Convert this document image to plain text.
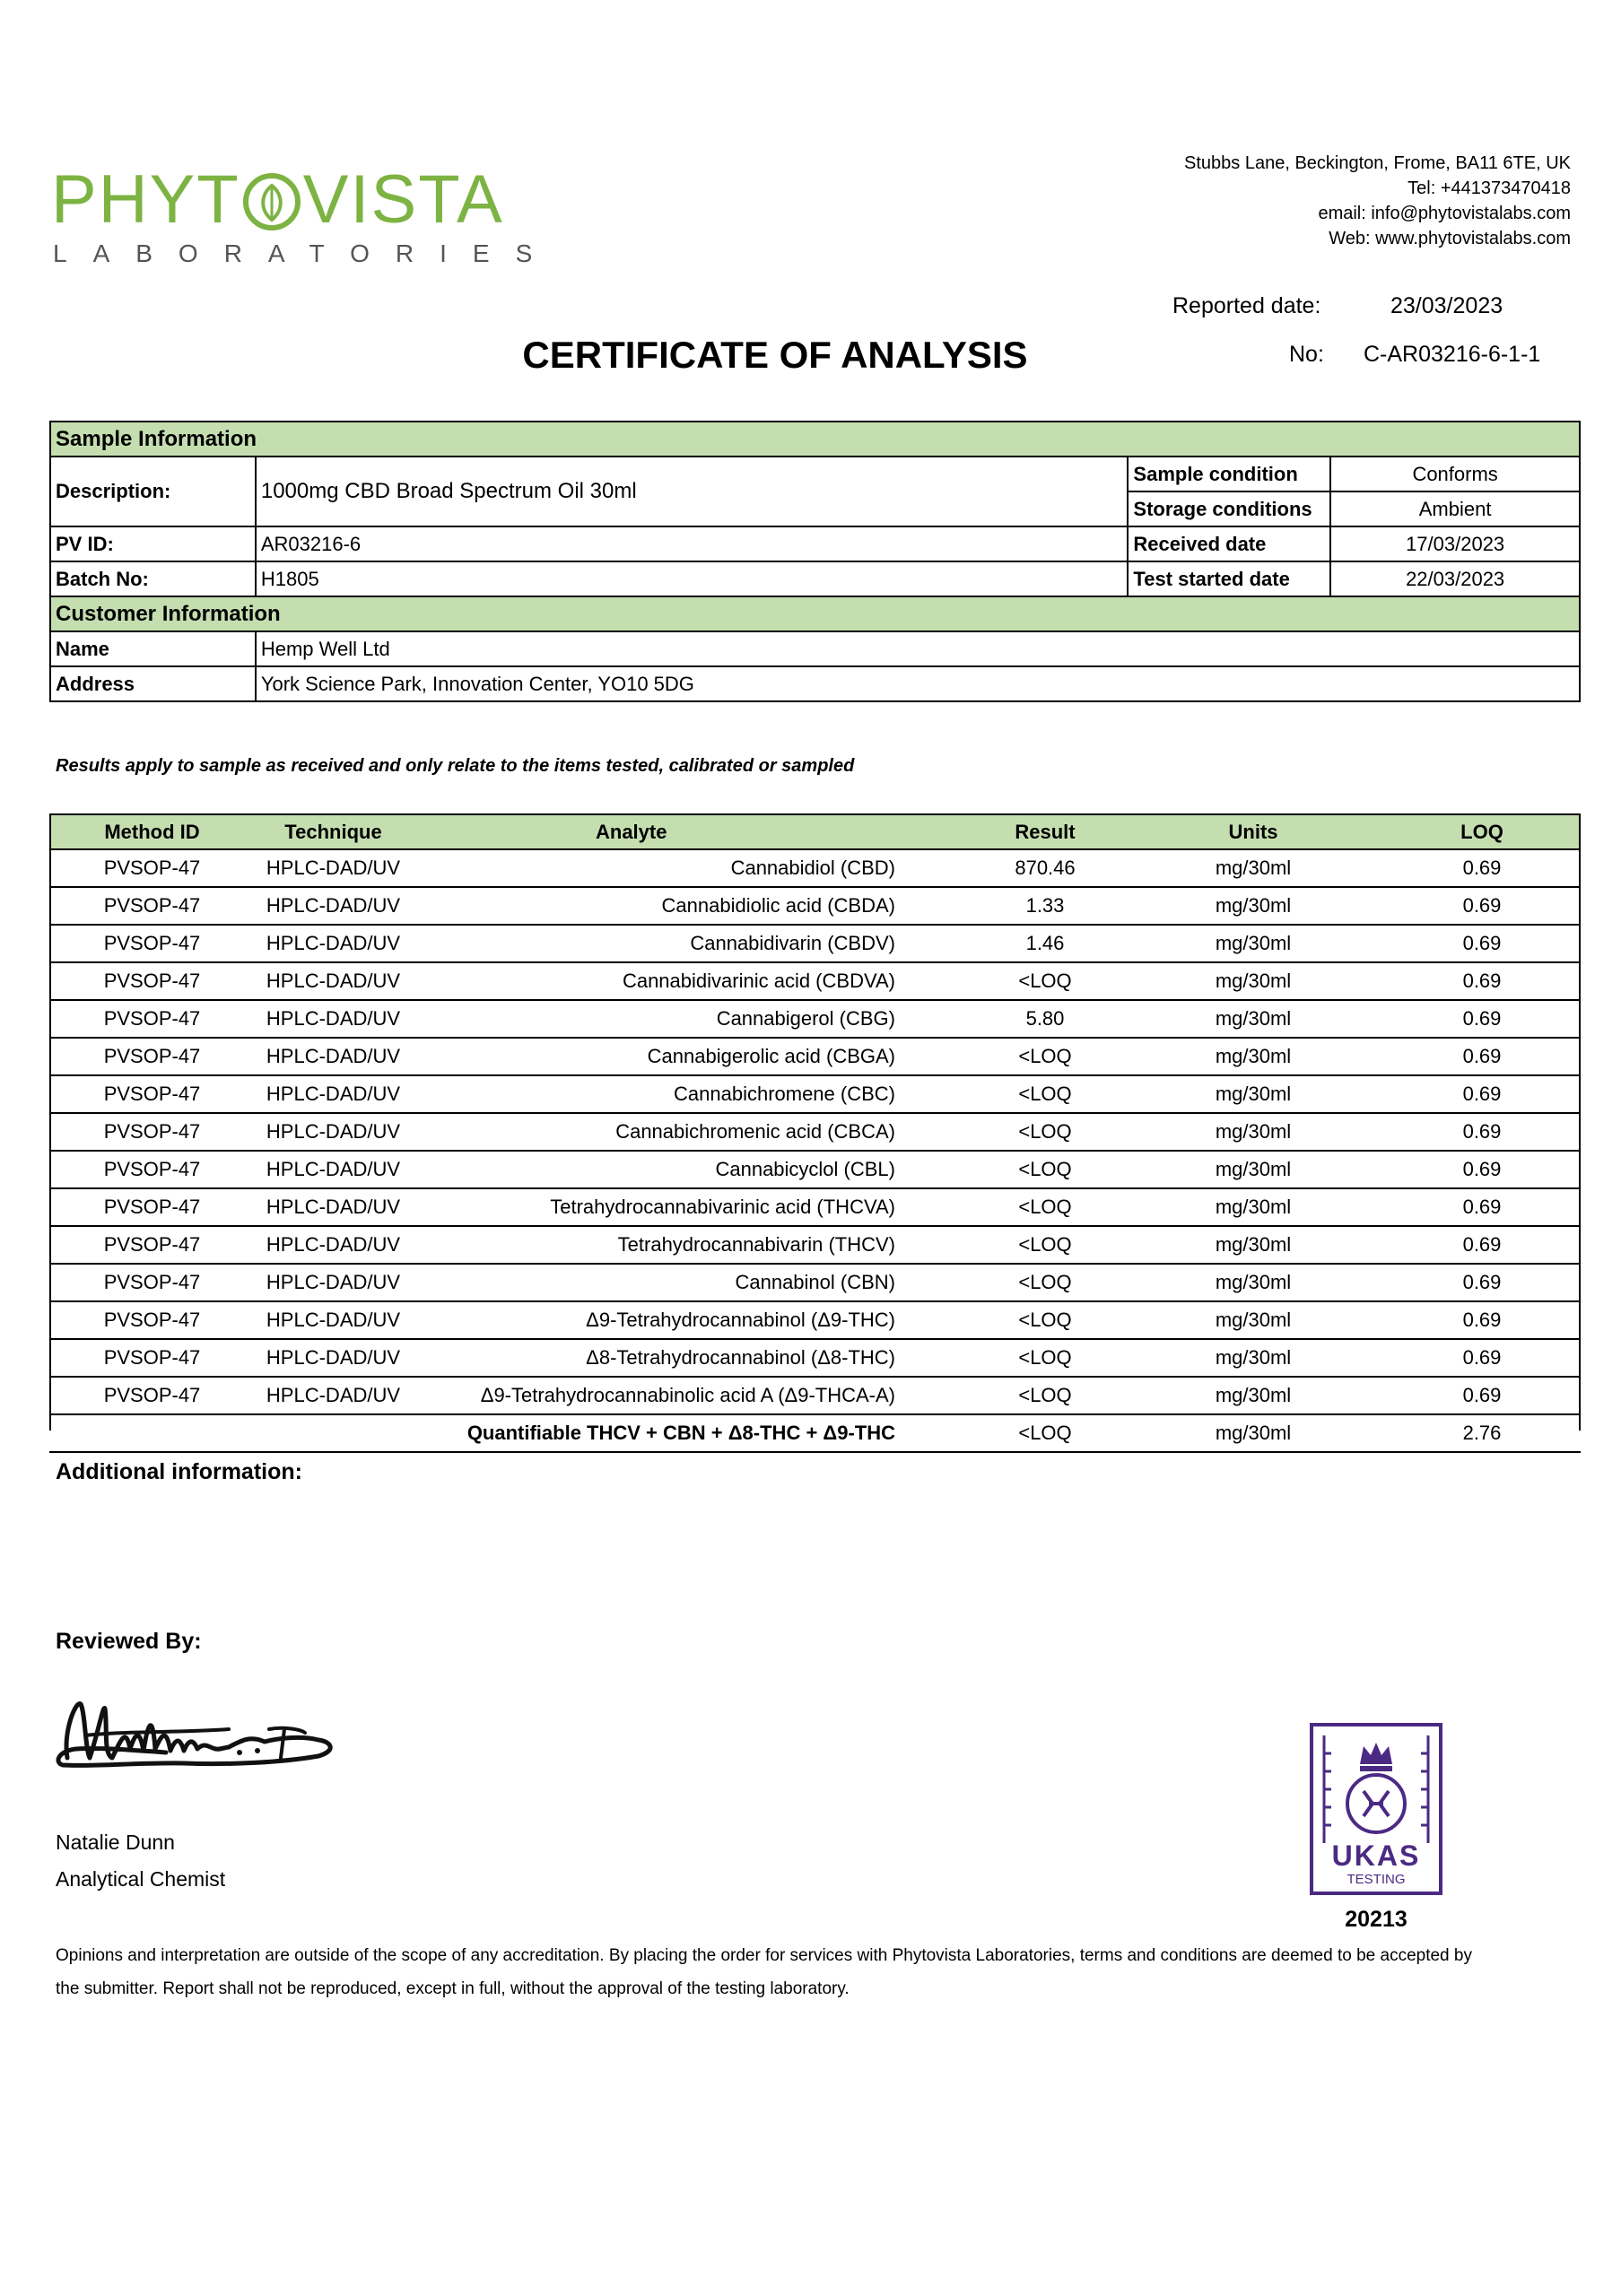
PHYT VISTA
LABORATORIES
Stubbs Lane, Beckington, Frome, BA11 6TE, UK
Tel: +441373470418
email: info@phytovistalabs.com
Web: www.phytovistalabs.com
Reported date:	23/03/2023
CERTIFICATE OF ANALYSIS	No: C-AR03216-6-1-1
Sample Information			
Description:	1000mg CBD Broad Spectrum Oil 30ml	Sample condition	Conforms
		Storage conditions	Ambient
PV ID:	AR03216-6	Received date	17/03/2023
Batch No:	H1805	Test started date	22/03/2023
Customer Information			
Name	Hemp Well Ltd		
Address	York Science Park, Innovation Center, YO10 5DG		
Results apply to sample as received and only relate to the items tested, calibrated or sampled
Method ID	Technique	Analyte	Result	Units	LOQ
PVSOP-47	HPLC-DAD/UV	Cannabidiol (CBD)	870.46	mg/30ml	0.69
PVSOP-47	HPLC-DAD/UV	Cannabidiolic acid (CBDA)	1.33	mg/30ml	0.69
PVSOP-47	HPLC-DAD/UV	Cannabidivarin (CBDV)	1.46	mg/30ml	0.69
PVSOP-47	HPLC-DAD/UV	Cannabidivarinic acid (CBDVA)	<LOQ	mg/30ml	0.69
PVSOP-47	HPLC-DAD/UV	Cannabigerol (CBG)	5.80	mg/30ml	0.69
PVSOP-47	HPLC-DAD/UV	Cannabigerolic acid (CBGA)	<LOQ	mg/30ml	0.69
PVSOP-47	HPLC-DAD/UV	Cannabichromene (CBC)	<LOQ	mg/30ml	0.69
PVSOP-47	HPLC-DAD/UV	Cannabichromenic acid (CBCA)	<LOQ	mg/30ml	0.69
PVSOP-47	HPLC-DAD/UV	Cannabicyclol (CBL)	<LOQ	mg/30ml	0.69
PVSOP-47	HPLC-DAD/UV	Tetrahydrocannabivarinic acid (THCVA)	<LOQ	mg/30ml	0.69
PVSOP-47	HPLC-DAD/UV	Tetrahydrocannabivarin (THCV)	<LOQ	mg/30ml	0.69
PVSOP-47	HPLC-DAD/UV	Cannabinol (CBN)	<LOQ	mg/30ml	0.69
PVSOP-47	HPLC-DAD/UV	Δ9-Tetrahydrocannabinol (Δ9-THC)	<LOQ	mg/30ml	0.69
PVSOP-47	HPLC-DAD/UV	Δ8-Tetrahydrocannabinol (Δ8-THC)	<LOQ	mg/30ml	0.69
PVSOP-47	HPLC-DAD/UV	Δ9-Tetrahydrocannabinolic acid A (Δ9-THCA-A)	<LOQ	mg/30ml	0.69
		Quantifiable THCV + CBN + Δ8-THC + Δ9-THC	<LOQ	mg/30ml	2.76
Additional information:
Reviewed By:
Natalie Dunn
Analytical Chemist
UKAS
TESTING
20213
Opinions and interpretation are outside of the scope of any accreditation. By placing the order for services with Phytovista Laboratories, terms and conditions are deemed to be accepted by the submitter. Report shall not be reproduced, except in full, without the approval of the testing laboratory.
